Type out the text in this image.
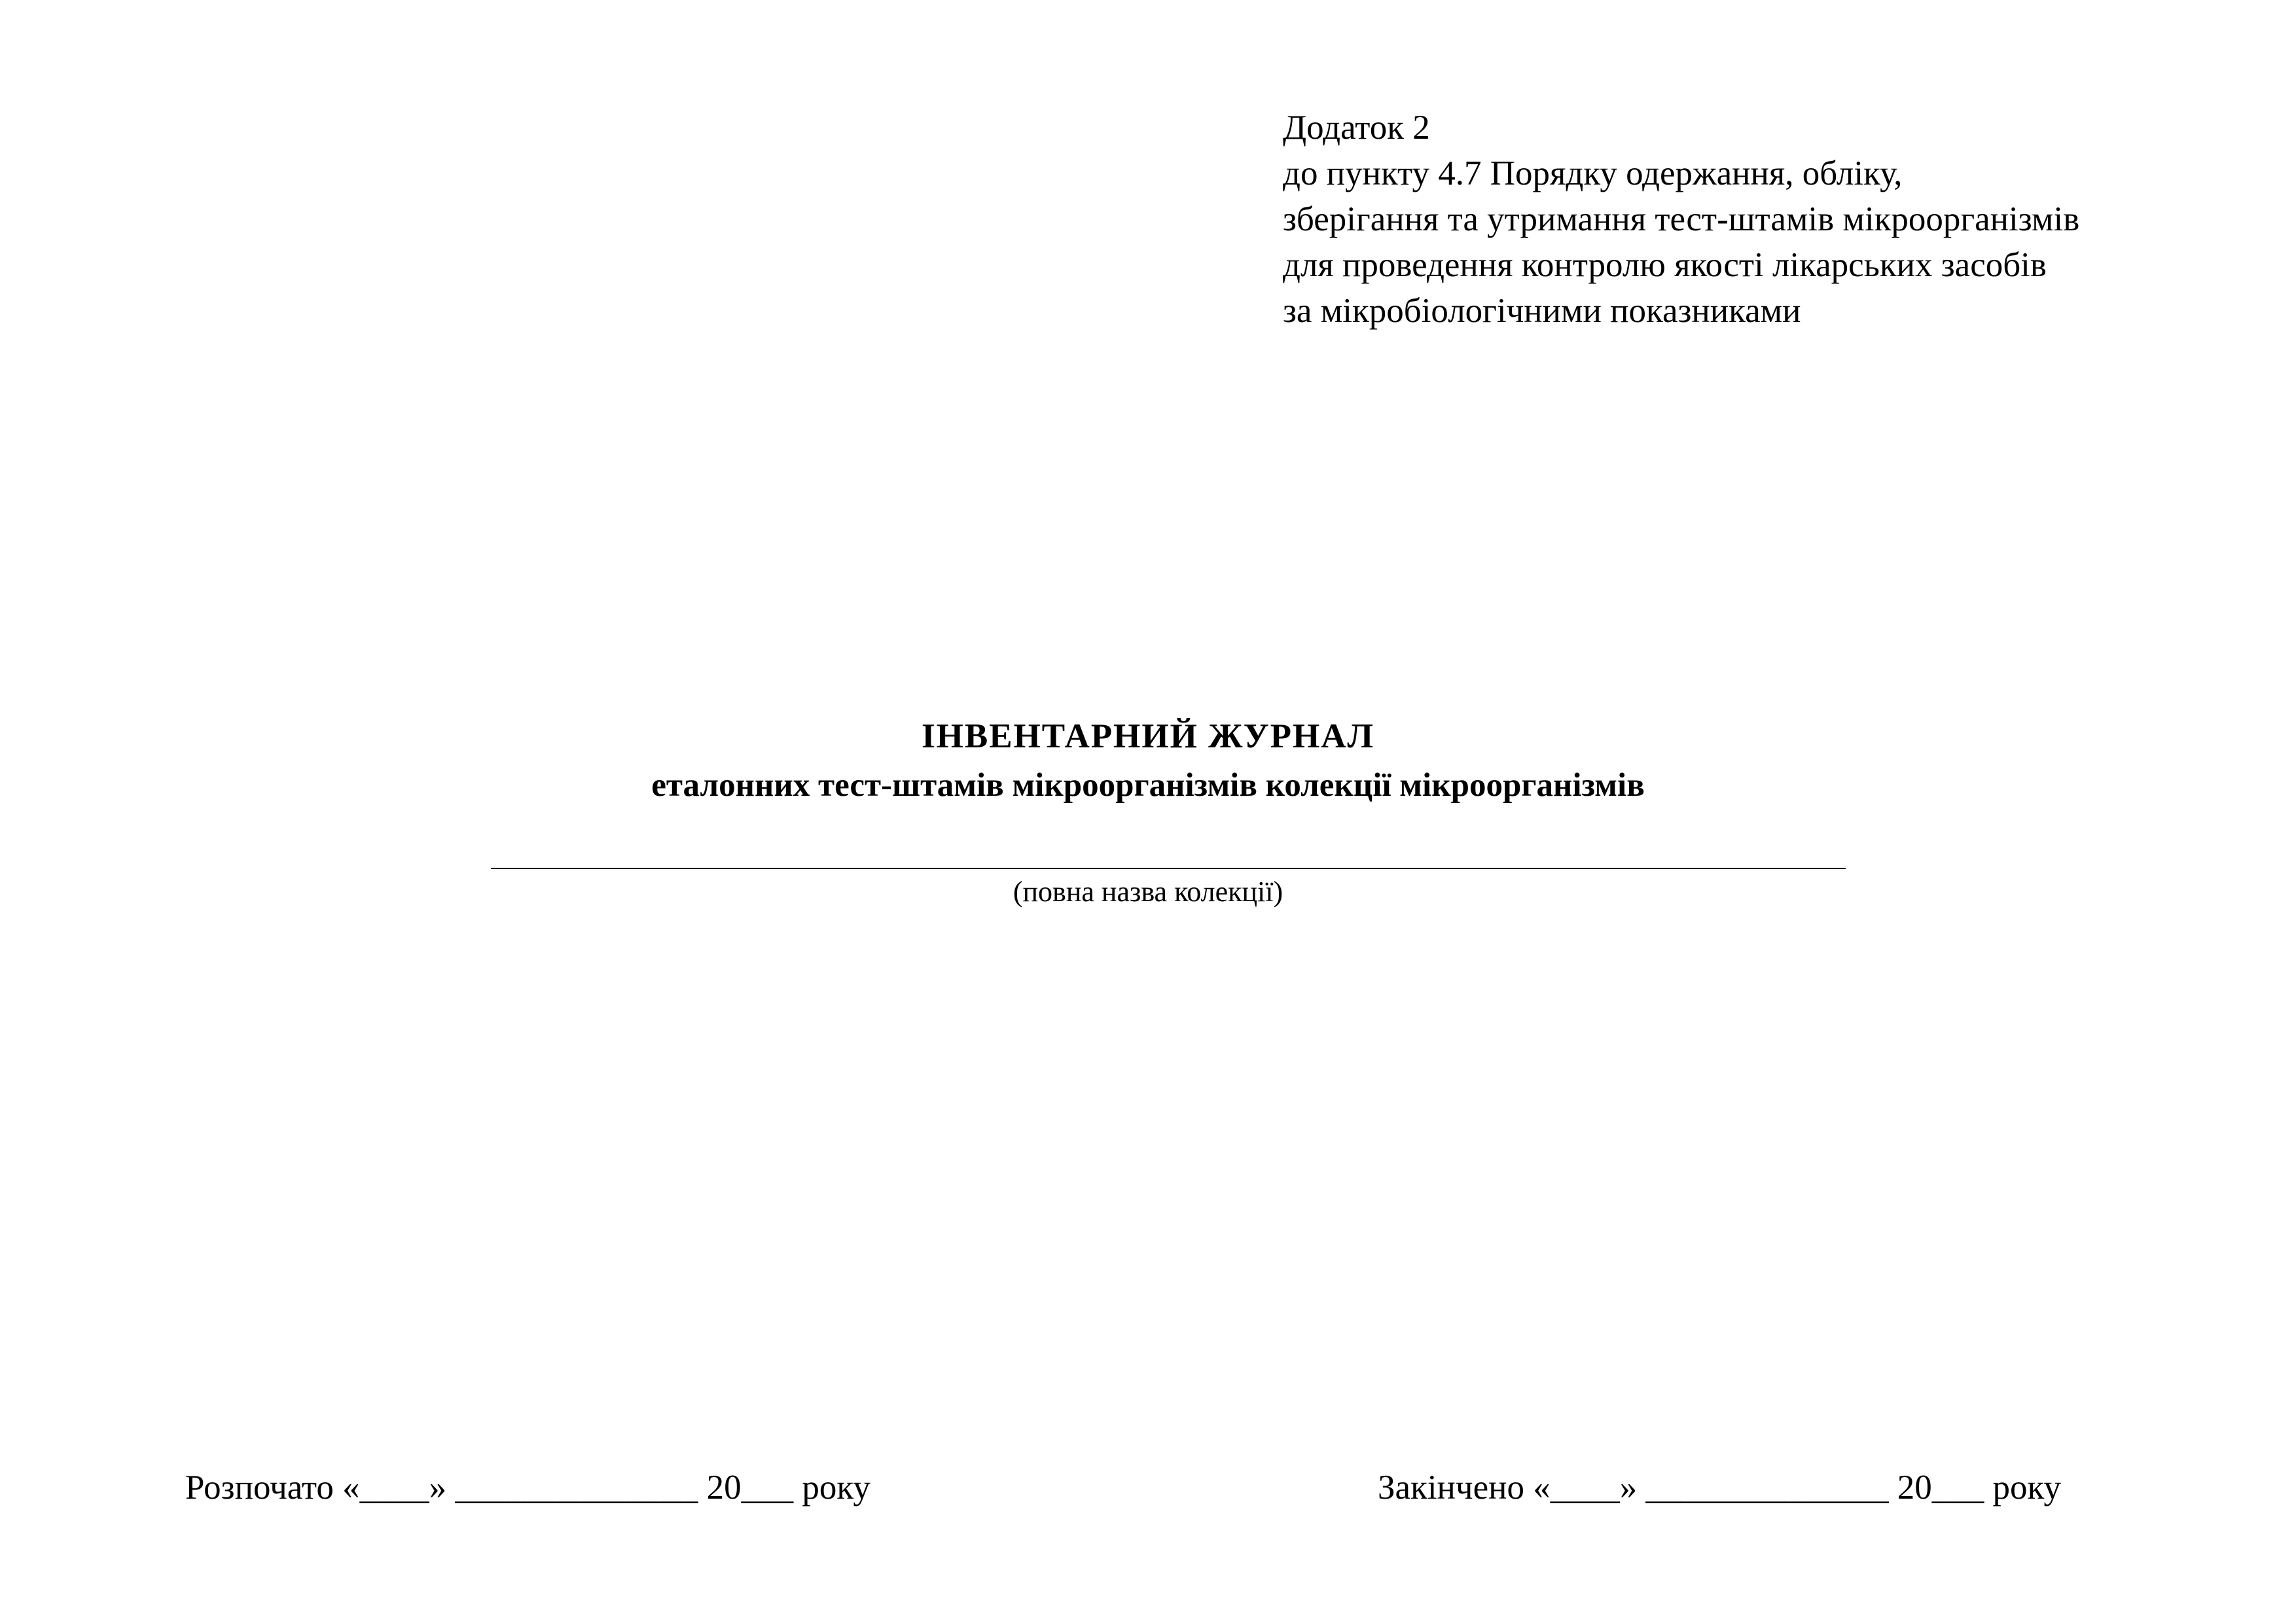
Додаток 2
до пункту 4.7 Порядку одержання, обліку,
зберігання та утримання тест-штамів мікроорганізмів
для проведення контролю якості лікарських засобів
за мікробіологічними показниками
ІНВЕНТАРНИЙ ЖУРНАЛ
еталонних тест-штамів мікроорганізмів колекції мікроорганізмів
(повна назва колекції)
Розпочато «____» ______________ 20___ року	Закінчено «____» ______________ 20___ року
